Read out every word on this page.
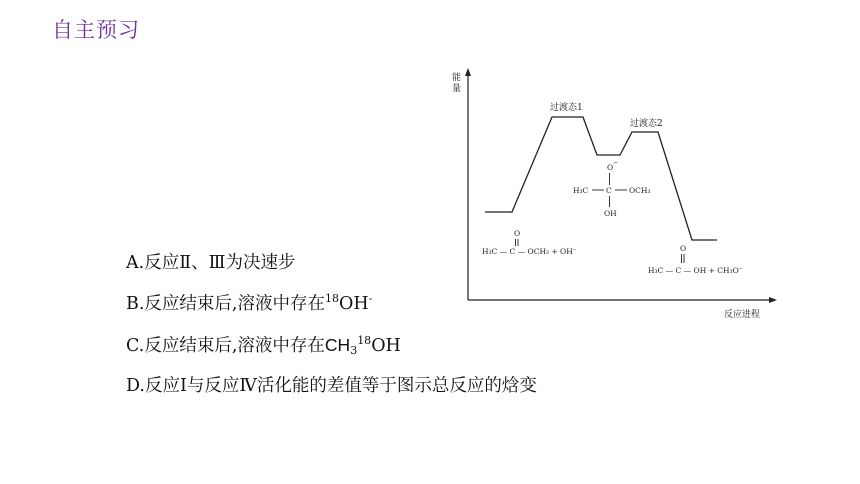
自主预习
能
量
反应进程
过渡态1
过渡态2
O
−
H₃C C OCH₃
OH
O
H₃C — C — OCH₃ + OH⁻	O
H₃C — C — OH + CH₃O⁻
A.反应Ⅱ、Ⅲ为决速步
B.反应结束后,溶液中存在$^{18}$OH-
C.反应结束后,溶液中存在$CH_3^{18}OH$
D.反应Ⅰ与反应Ⅳ活化能的差值等于图示总反应的焓变
